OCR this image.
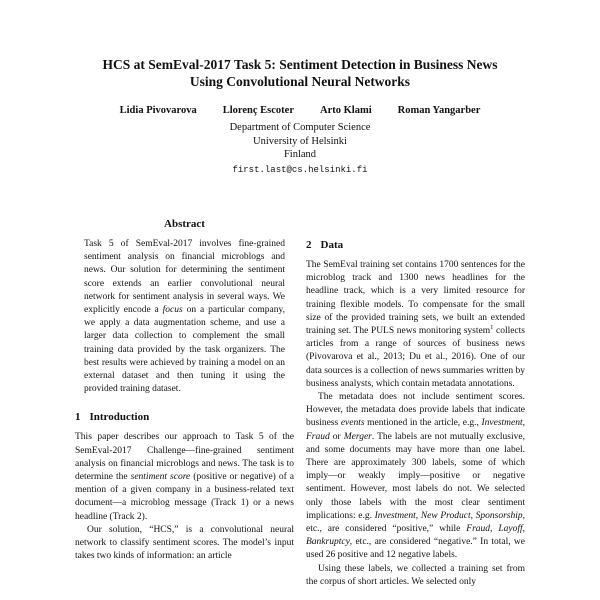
HCS at SemEval-2017 Task 5: Sentiment Detection in Business News
Using Convolutional Neural Networks
Lidia Pivovarova Llorenç Escoter Arto Klami Roman Yangarber
Department of Computer Science
University of Helsinki
Finland
first.last@cs.helsinki.fi
Abstract
Task 5 of SemEval-2017 involves fine-grained sentiment analysis on financial microblogs and news. Our solution for determining the sentiment score extends an earlier convolutional neural network for sentiment analysis in several ways. We explicitly encode a focus on a particular company, we apply a data augmentation scheme, and use a larger data collection to complement the small training data provided by the task organizers. The best results were achieved by training a model on an external dataset and then tuning it using the provided training dataset.
1 Introduction

This paper describes our approach to Task 5 of the SemEval-2017 Challenge—fine-grained sentiment analysis on financial microblogs and news. The task is to determine the sentiment score (positive or negative) of a mention of a given company in a business-related text document—a microblog message (Track 1) or a news headline (Track 2).

Our solution, “HCS,” is a convolutional neural network to classify sentiment scores. The model’s input takes two kinds of information: an article

2 Data

The SemEval training set contains 1700 sentences for the microblog track and 1300 news headlines for the headline track, which is a very limited resource for training flexible models. To compensate for the small size of the provided training sets, we built an extended training set. The PULS news monitoring system$^1$ collects articles from a range of sources of business news (Pivovarova et al., 2013; Du et al., 2016). One of our data sources is a collection of news summaries written by business analysts, which contain metadata annotations.

The metadata does not include sentiment scores. However, the metadata does provide labels that indicate business events mentioned in the article, e.g., Investment, Fraud or Merger. The labels are not mutually exclusive, and some documents may have more than one label. There are approximately 300 labels, some of which imply—or weakly imply—positive or negative sentiment. However, most labels do not. We selected only those labels with the most clear sentiment implications: e.g. Investment, New Product, Sponsorship, etc., are considered “positive,” while Fraud, Layoff, Bankruptcy, etc., are considered “negative.” In total, we used 26 positive and 12 negative labels.

Using these labels, we collected a training set from the corpus of short articles. We selected only
